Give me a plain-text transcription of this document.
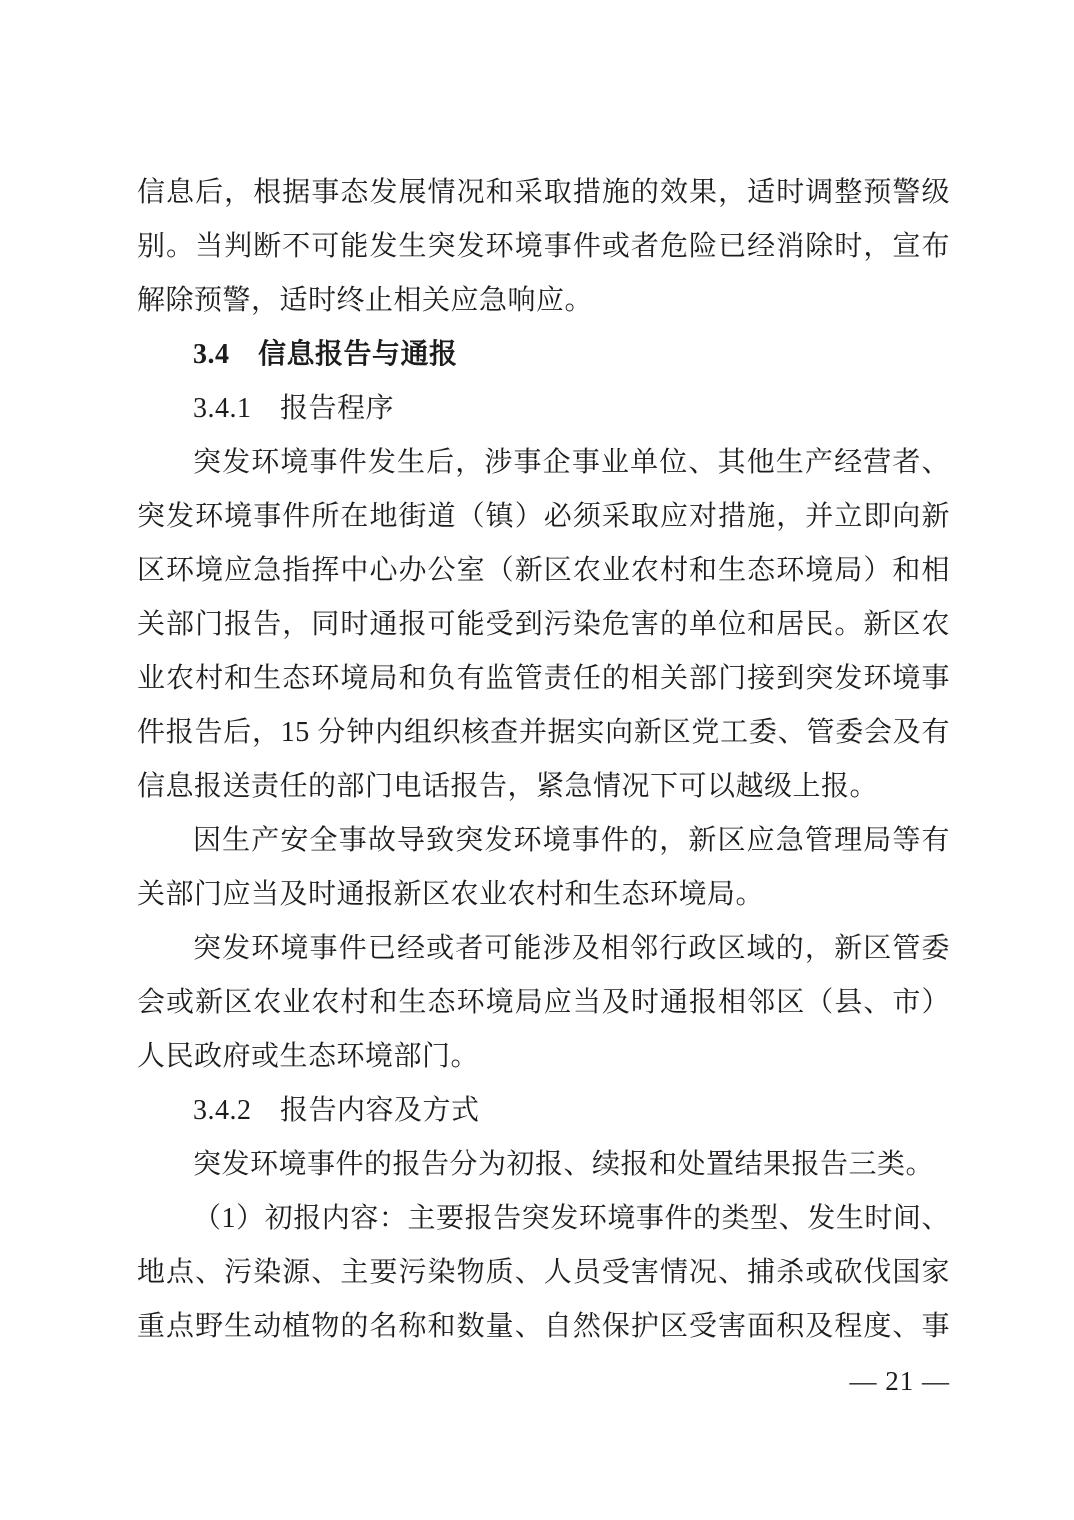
信息后，根据事态发展情况和采取措施的效果，适时调整预警级
别。当判断不可能发生突发环境事件或者危险已经消除时，宣布
解除预警，适时终止相关应急响应。
3.4　信息报告与通报
3.4.1　报告程序
突发环境事件发生后，涉事企事业单位、其他生产经营者、
突发环境事件所在地街道（镇）必须采取应对措施，并立即向新
区环境应急指挥中心办公室（新区农业农村和生态环境局）和相
关部门报告，同时通报可能受到污染危害的单位和居民。新区农
业农村和生态环境局和负有监管责任的相关部门接到突发环境事
件报告后，15 分钟内组织核查并据实向新区党工委、管委会及有
信息报送责任的部门电话报告，紧急情况下可以越级上报。
因生产安全事故导致突发环境事件的，新区应急管理局等有
关部门应当及时通报新区农业农村和生态环境局。
突发环境事件已经或者可能涉及相邻行政区域的，新区管委
会或新区农业农村和生态环境局应当及时通报相邻区（县、市）
人民政府或生态环境部门。
3.4.2　报告内容及方式
突发环境事件的报告分为初报、续报和处置结果报告三类。
（1）初报内容：主要报告突发环境事件的类型、发生时间、
地点、污染源、主要污染物质、人员受害情况、捕杀或砍伐国家
重点野生动植物的名称和数量、自然保护区受害面积及程度、事
— 21 —
